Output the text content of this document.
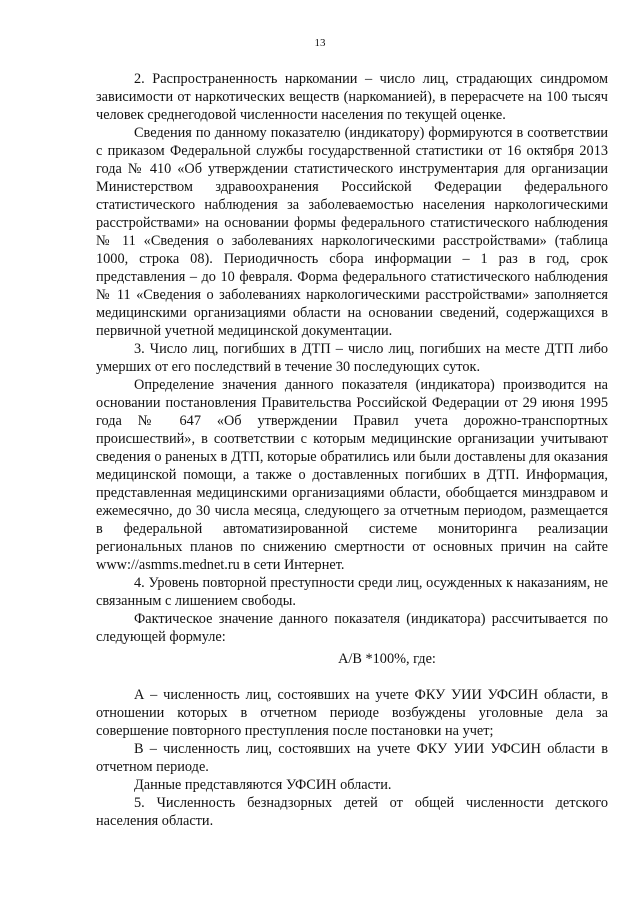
13

2. Распространенность наркомании – число лиц, страдающих синдромом зависимости от наркотических веществ (наркоманией), в перерасчете на 100 тысяч человек среднегодовой численности населения по текущей оценке.

Сведения по данному показателю (индикатору) формируются в соответствии с приказом Федеральной службы государственной статистики от 16 октября 2013 года № 410 «Об утверждении статистического инструментария для организации Министерством здравоохранения Российской Федерации федерального статистического наблюдения за заболеваемостью населения наркологическими расстройствами» на основании формы федерального статистического наблюдения № 11 «Сведения о заболеваниях наркологическими расстройствами» (таблица 1000, строка 08). Периодичность сбора информации – 1 раз в год, срок представления – до 10 февраля. Форма федерального статистического наблюдения № 11 «Сведения о заболеваниях наркологическими расстройствами» заполняется медицинскими организациями области на основании сведений, содержащихся в первичной учетной медицинской документации.

3. Число лиц, погибших в ДТП – число лиц, погибших на месте ДТП либо умерших от его последствий в течение 30 последующих суток.

Определение значения данного показателя (индикатора) производится на основании постановления Правительства Российской Федерации от 29 июня 1995 года № 647 «Об утверждении Правил учета дорожно-транспортных происшествий», в соответствии с которым медицинские организации учитывают сведения о раненых в ДТП, которые обратились или были доставлены для оказания медицинской помощи, а также о доставленных погибших в ДТП. Информация, представленная медицинскими организациями области, обобщается минздравом и ежемесячно, до 30 числа месяца, следующего за отчетным периодом, размещается в федеральной автоматизированной системе мониторинга реализации региональных планов по снижению смертности от основных причин на сайте www://asmms.mednet.ru в сети Интернет.

4. Уровень повторной преступности среди лиц, осужденных к наказаниям, не связанным с лишением свободы.

Фактическое значение данного показателя (индикатора) рассчитывается по следующей формуле:

А/В *100%, где:

А – численность лиц, состоявших на учете ФКУ УИИ УФСИН области, в отношении которых в отчетном периоде возбуждены уголовные дела за совершение повторного преступления после постановки на учет;

В – численность лиц, состоявших на учете ФКУ УИИ УФСИН области в отчетном периоде.

Данные представляются УФСИН области.

5. Численность безнадзорных детей от общей численности детского населения области.
